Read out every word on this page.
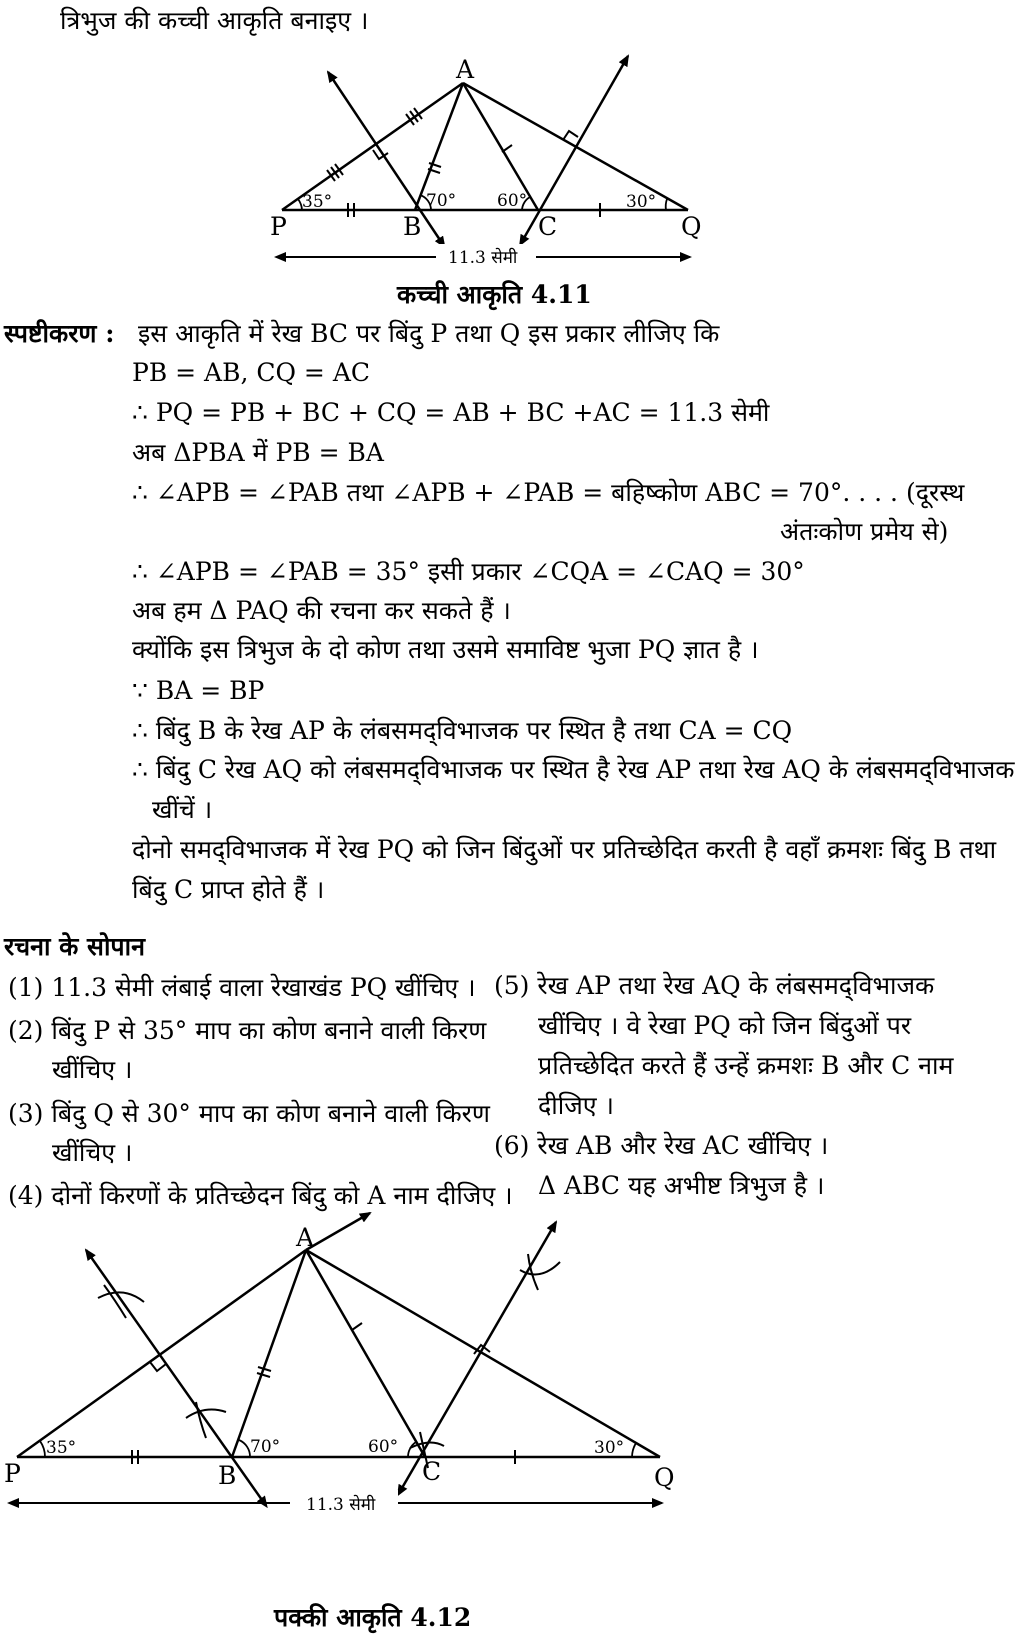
त्रिभुज की कच्ची आकृति बनाइए ।
A
P	B	C	Q
35°	70° 60°	30°
11.3 सेमी
कच्ची आकृति 4.11
स्पष्टीकरण : इस आकृति में रेख BC पर बिंदु P तथा Q इस प्रकार लीजिए कि
PB = AB, CQ = AC
∴ PQ = PB + BC + CQ = AB + BC +AC = 11.3 सेमी
अब ΔPBA में PB = BA
∴ ∠APB = ∠PAB तथा ∠APB + ∠PAB = बहिष्कोण ABC = 70°. . . . (दूरस्थ
अंतःकोण प्रमेय से)
∴ ∠APB = ∠PAB = 35° इसी प्रकार ∠CQA = ∠CAQ = 30°
अब हम Δ PAQ की रचना कर सकते हैं ।
क्योंकि इस त्रिभुज के दो कोण तथा उसमे समाविष्ट भुजा PQ ज्ञात है ।
∵ BA = BP
∴ बिंदु B के रेख AP के लंबसमद्‌विभाजक पर स्थित है तथा CA = CQ
∴ बिंदु C रेख AQ को लंबसमद्‌विभाजक पर स्थित है रेख AP तथा रेख AQ के लंबसमद्‌विभाजक
खींचें ।
दोनो समद्‌विभाजक में रेख PQ को जिन बिंदुओं पर प्रतिच्छेदित करती है वहाँ क्रमशः बिंदु B तथा
बिंदु C प्राप्त होते हैं ।
रचना के सोपान
(1) 11.3 सेमी लंबाई वाला रेखाखंड PQ खींचिए ।
(2) बिंदु P से 35° माप का कोण बनाने वाली किरण
खींचिए ।
(3) बिंदु Q से 30° माप का कोण बनाने वाली किरण
खींचिए ।
(4) दोनों किरणों के प्रतिच्छेदन बिंदु को A नाम दीजिए ।
(5) रेख AP तथा रेख AQ के लंबसमद्‌विभाजक
खींचिए । वे रेखा PQ को जिन बिंदुओं पर
प्रतिच्छेदित करते हैं उन्हें क्रमशः B और C नाम
दीजिए ।
(6) रेख AB और रेख AC खींचिए ।
Δ ABC यह अभीष्ट त्रिभुज है ।
A
P	B	C	Q
35°	70°	60°	30°
11.3 सेमी
पक्की आकृति 4.12
